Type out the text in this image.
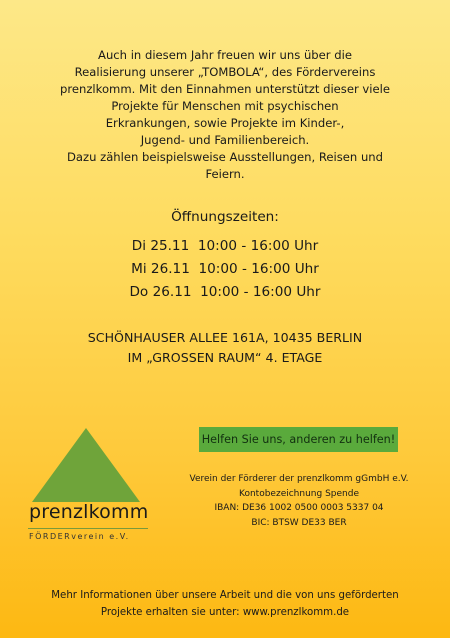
Auch in diesem Jahr freuen wir uns über die
Realisierung unserer „TOMBOLA“, des Fördervereins
prenzlkomm. Mit den Einnahmen unterstützt dieser viele
Projekte für Menschen mit psychischen
Erkrankungen, sowie Projekte im Kinder-,
Jugend- und Familienbereich.
Dazu zählen beispielsweise Ausstellungen, Reisen und
Feiern.
Öffnungszeiten:
Di 25.11  10:00 - 16:00 Uhr
Mi 26.11  10:00 - 16:00 Uhr
Do 26.11  10:00 - 16:00 Uhr
SCHÖNHAUSER ALLEE 161A, 10435 BERLIN
IM „GROSSEN RAUM“ 4. ETAGE
prenzlkomm
FÖRDERverein e.V.
Helfen Sie uns, anderen zu helfen!
Verein der Förderer der prenzlkomm gGmbH e.V.
Kontobezeichnung Spende
IBAN: DE36 1002 0500 0003 5337 04
BIC: BTSW DE33 BER
Mehr Informationen über unsere Arbeit und die von uns geförderten
Projekte erhalten sie unter: www.prenzlkomm.de
